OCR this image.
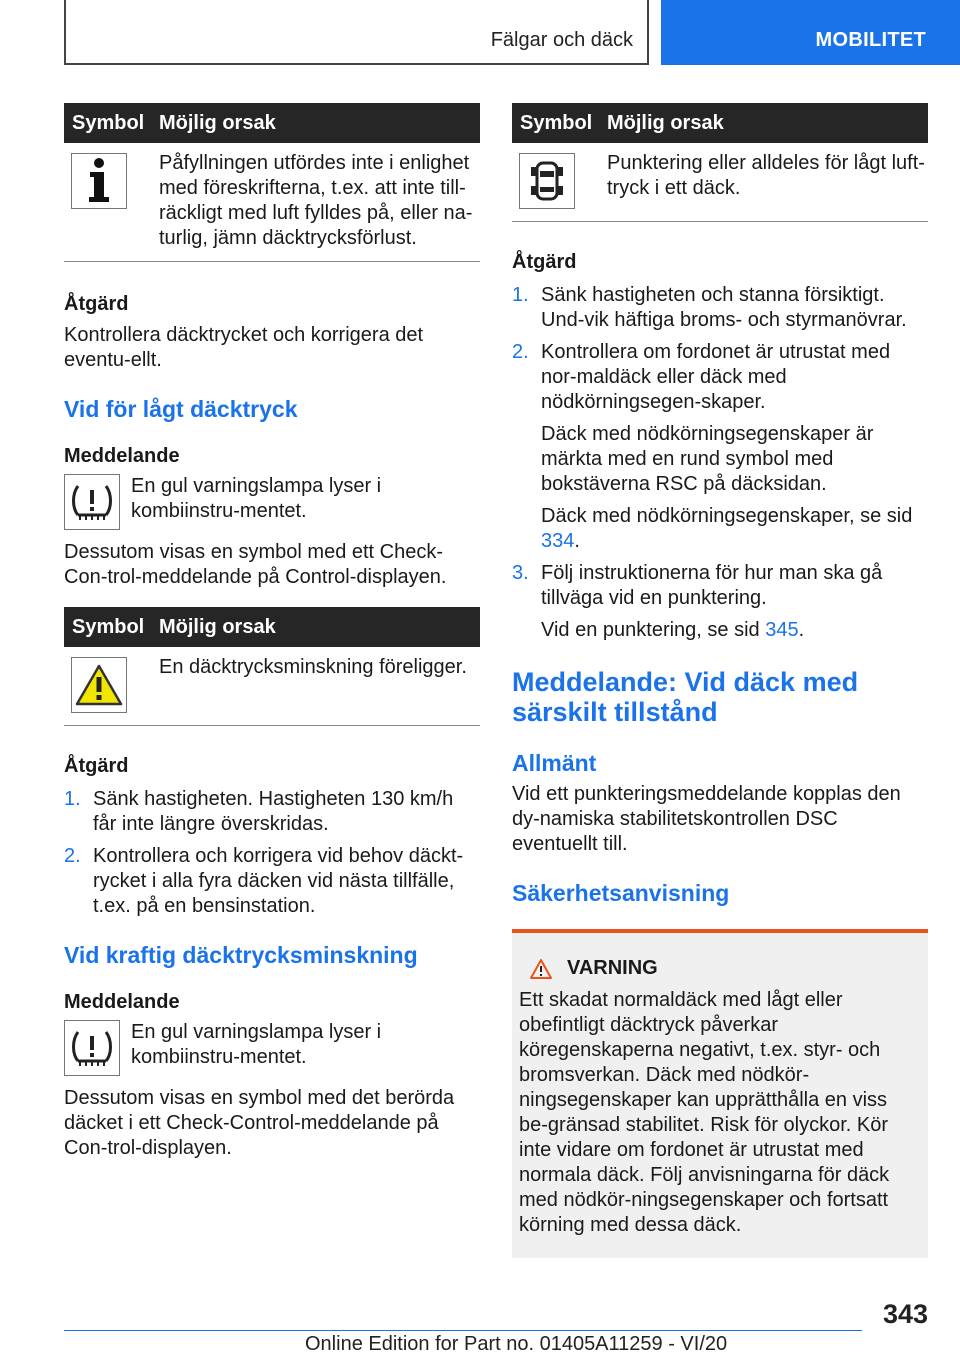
Fälgar och däck	MOBILITET
Symbol Möjlig orsak
Påfyllningen utfördes inte i enlighet med föreskrifterna, t.ex. att inte till-räckligt med luft fylldes på, eller na-turlig, jämn däcktrycksförlust.
Åtgärd
Kontrollera däcktrycket och korrigera det eventu-ellt.
Vid för lågt däcktryck
Meddelande
En gul varningslampa lyser i kombiinstru-mentet.
Dessutom visas en symbol med ett Check-Con-trol-meddelande på Control-displayen.
Symbol Möjlig orsak
En däcktrycksminskning föreligger.
Åtgärd
1. Sänk hastigheten. Hastigheten 130 km/h får inte längre överskridas.
2. Kontrollera och korrigera vid behov däckt-rycket i alla fyra däcken vid nästa tillfälle, t.ex. på en bensinstation.
Vid kraftig däcktrycksminskning
Meddelande
En gul varningslampa lyser i kombiinstru-mentet.
Dessutom visas en symbol med det berörda däcket i ett Check-Control-meddelande på Con-trol-displayen.
Symbol Möjlig orsak
Punktering eller alldeles för lågt luft-tryck i ett däck.
Åtgärd
1. Sänk hastigheten och stanna försiktigt. Und-vik häftiga broms- och styrmanövrar.
2. Kontrollera om fordonet är utrustat med nor-maldäck eller däck med nödkörningsegen-skaper.

Däck med nödkörningsegenskaper är märkta med en rund symbol med bokstäverna RSC på däcksidan.

Däck med nödkörningsegenskaper, se sid 334.

3. Följ instruktionerna för hur man ska gå tillväga vid en punktering.

Vid en punktering, se sid 345.

Meddelande: Vid däck med särskilt tillstånd
Allmänt
Vid ett punkteringsmeddelande kopplas den dy-namiska stabilitetskontrollen DSC eventuellt till.
Säkerhetsanvisning
VARNING
Ett skadat normaldäck med lågt eller obefintligt däcktryck påverkar köregenskaperna negativt, t.ex. styr- och bromsverkan. Däck med nödkör-ningsegenskaper kan upprätthålla en viss be-gränsad stabilitet. Risk för olyckor. Kör inte vidare om fordonet är utrustat med normala däck. Följ anvisningarna för däck med nödkör-ningsegenskaper och fortsatt körning med dessa däck.
343
Online Edition for Part no. 01405A11259 - VI/20
